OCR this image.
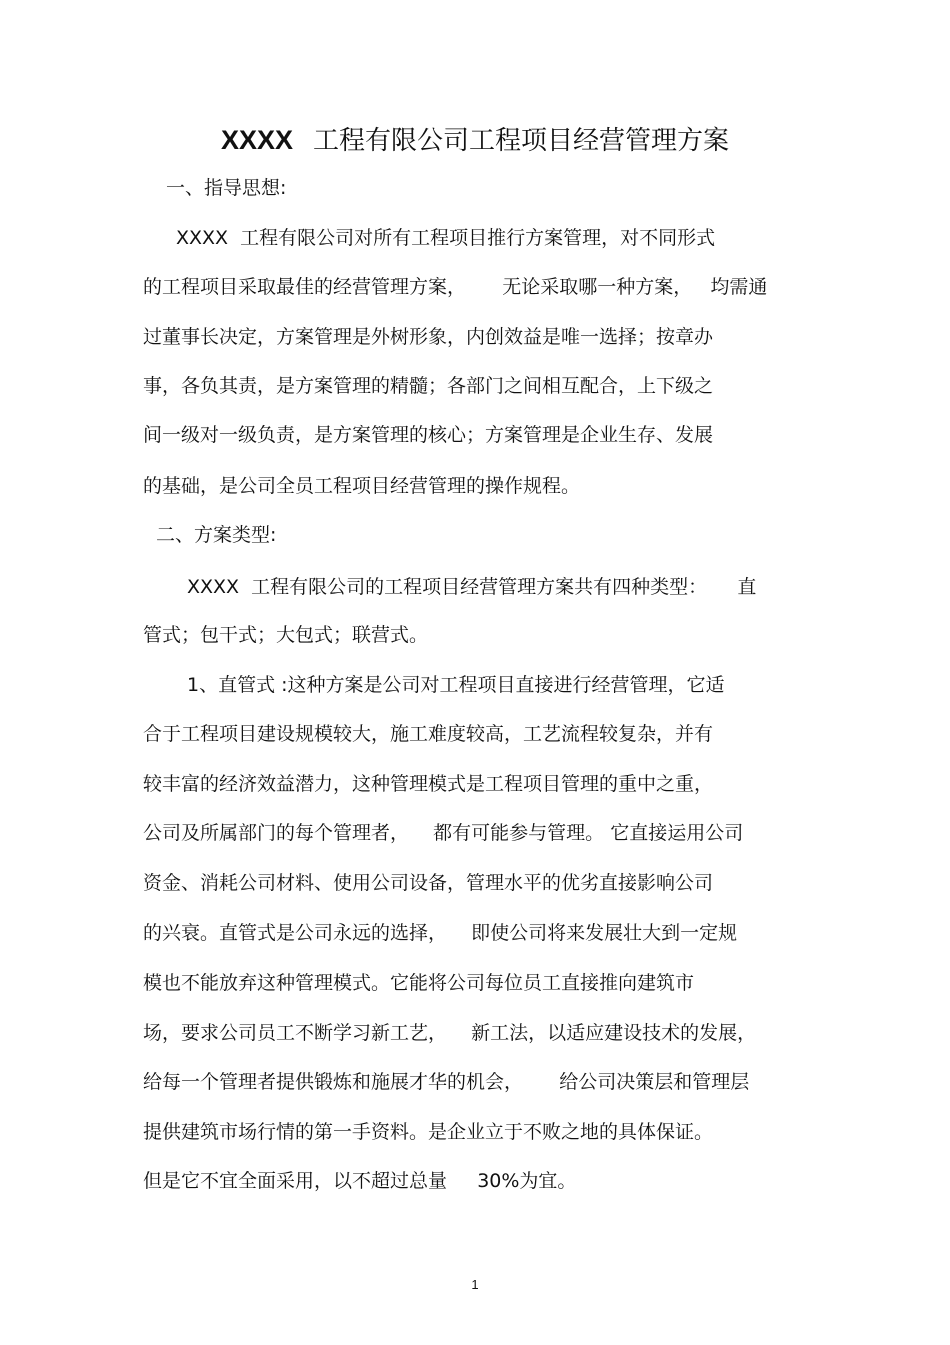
XXXX 工程有限公司工程项目经营管理方案
一、指导思想:
XXXX  工程有限公司对所有工程项目推行方案管理，对不同形式
的工程项目采取最佳的经营管理方案，      无论采取哪一种方案，   均需通
过董事长决定，方案管理是外树形象，内创效益是唯一选择；按章办
事，各负其责，是方案管理的精髓；各部门之间相互配合，上下级之
间一级对一级负责，是方案管理的核心；方案管理是企业生存、发展
的基础，是公司全员工程项目经营管理的操作规程。
二、方案类型:
XXXX  工程有限公司的工程项目经营管理方案共有四种类型：     直
管式；包干式；大包式；联营式。
1、直管式 :这种方案是公司对工程项目直接进行经营管理，它适
合于工程项目建设规模较大，施工难度较高，工艺流程较复杂，并有
较丰富的经济效益潜力，这种管理模式是工程项目管理的重中之重，
公司及所属部门的每个管理者，    都有可能参与管理。 它直接运用公司
资金、消耗公司材料、使用公司设备，管理水平的优劣直接影响公司
的兴衰。直管式是公司永远的选择，    即使公司将来发展壮大到一定规
模也不能放弃这种管理模式。它能将公司每位员工直接推向建筑市
场，要求公司员工不断学习新工艺，    新工法，以适应建设技术的发展，
给每一个管理者提供锻炼和施展才华的机会，      给公司决策层和管理层
提供建筑市场行情的第一手资料。是企业立于不败之地的具体保证。
但是它不宜全面采用，以不超过总量     30%为宜。
1
